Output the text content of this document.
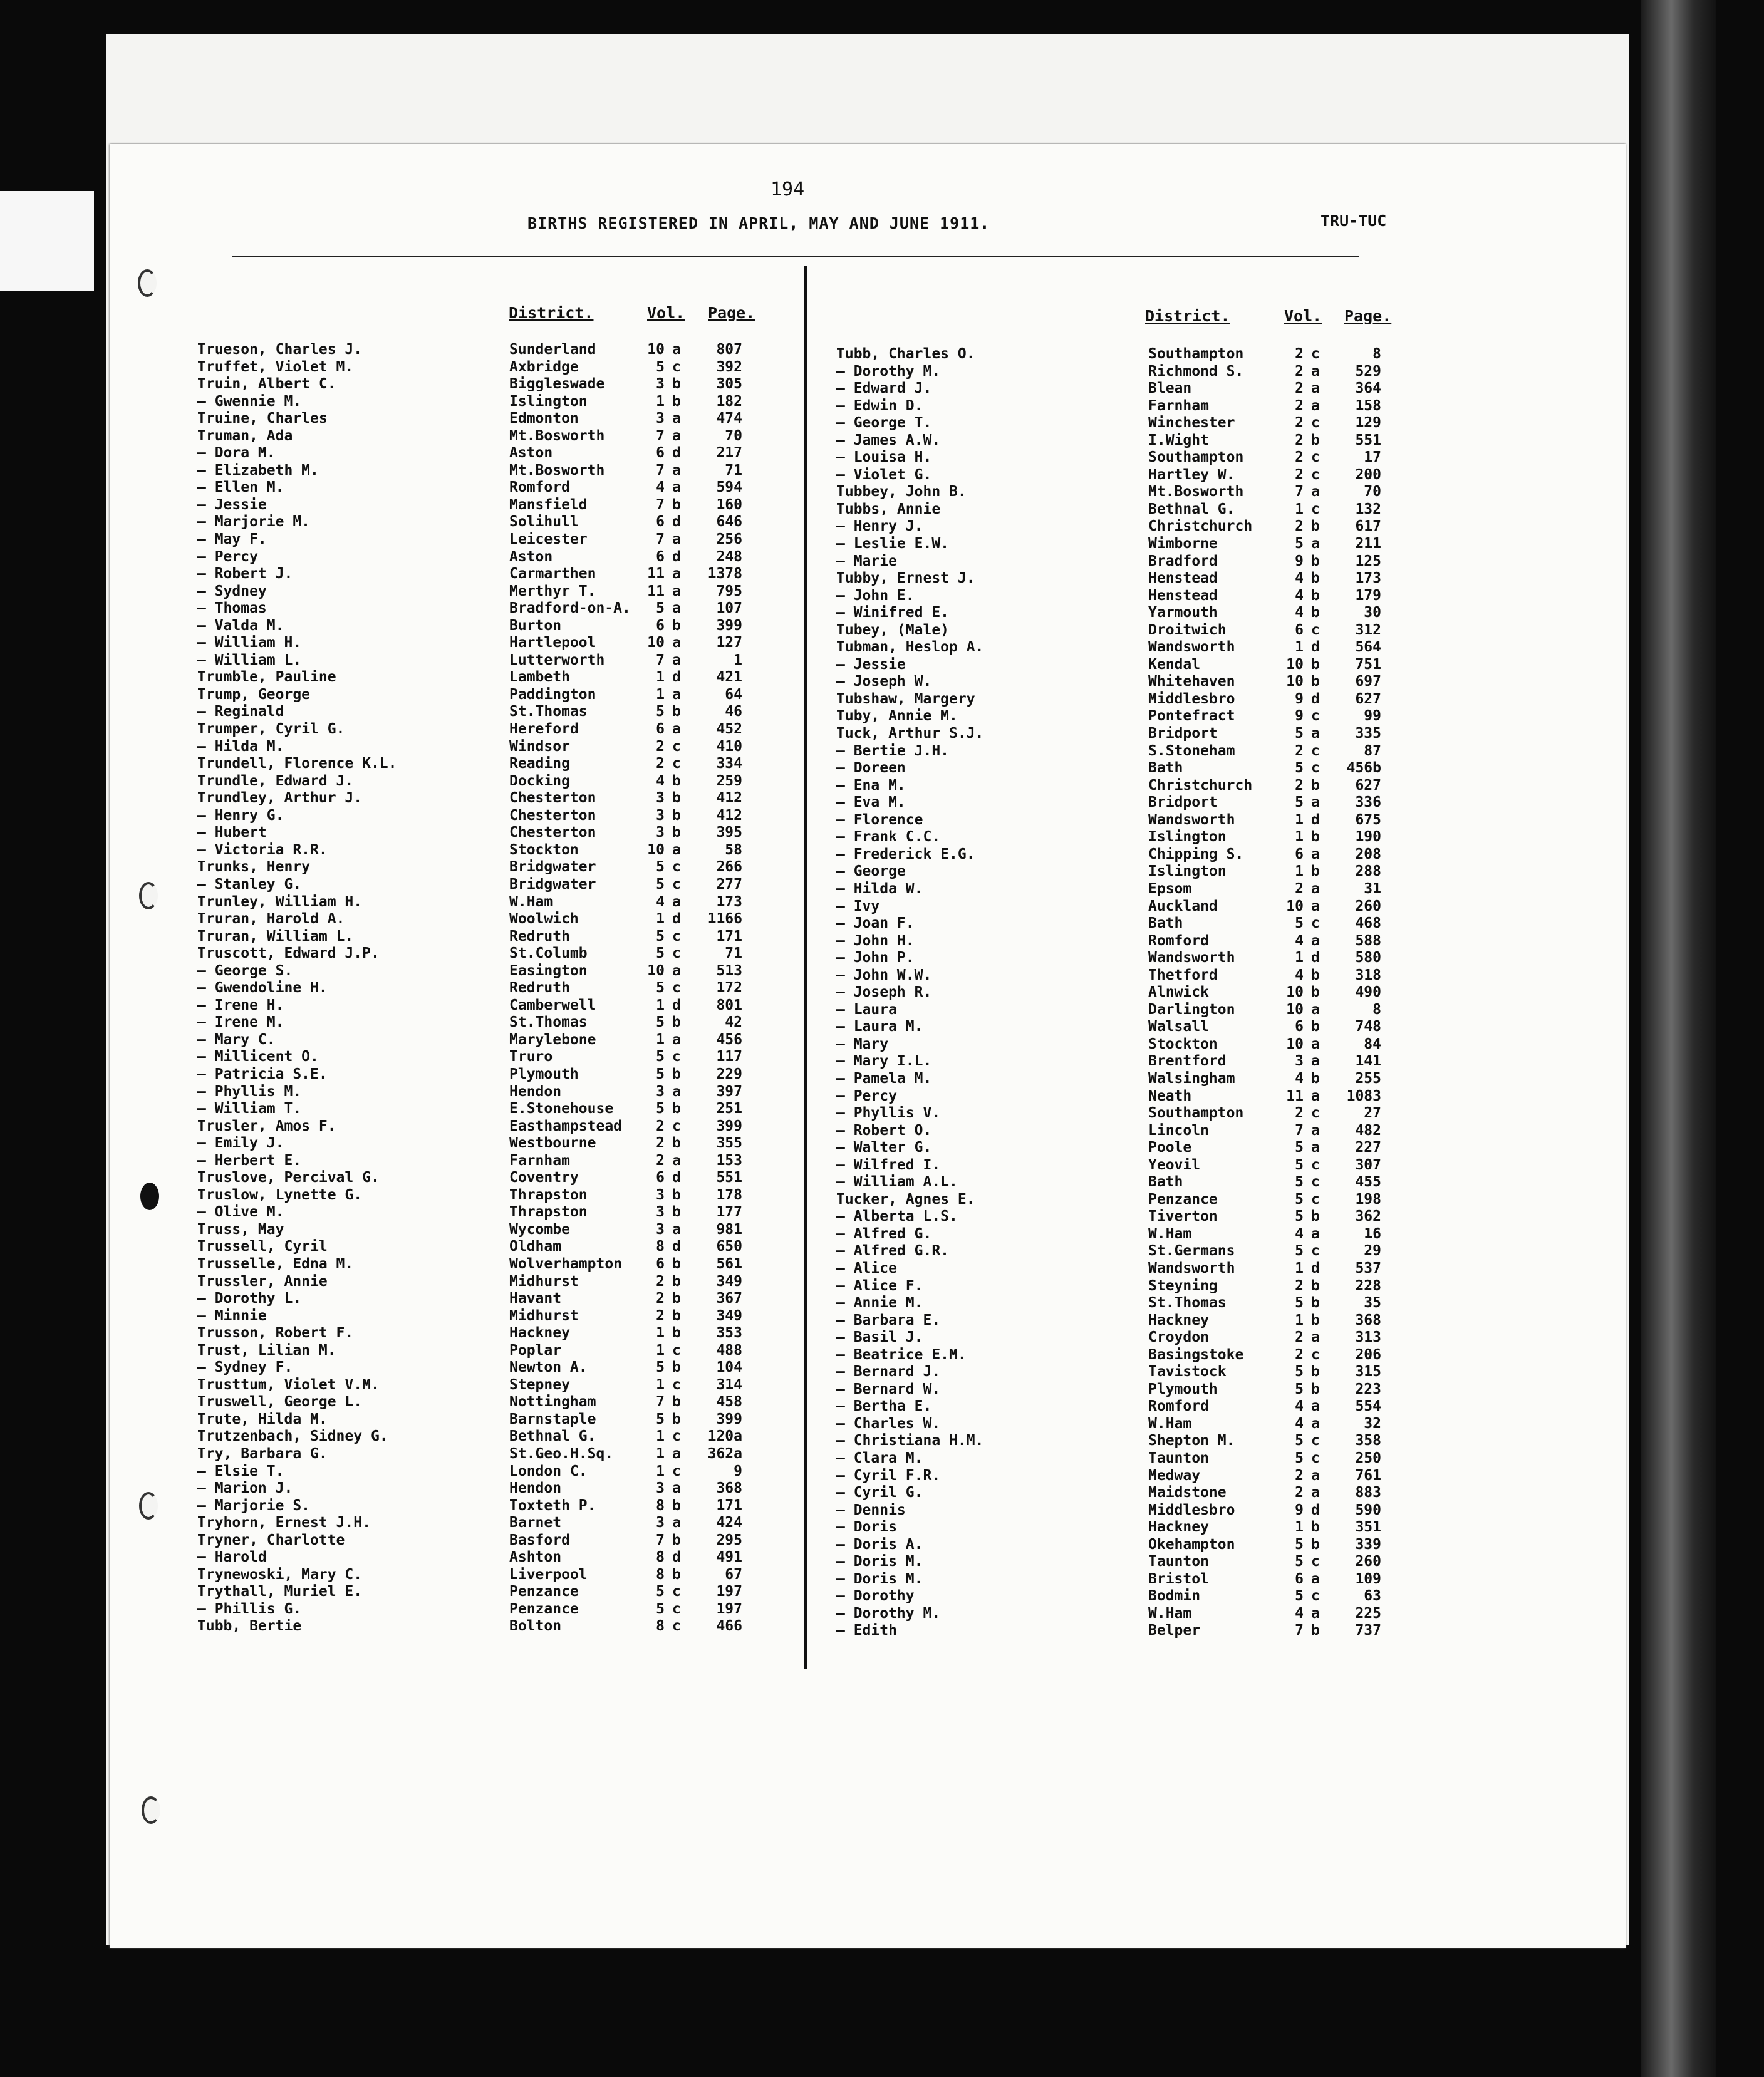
194
BIRTHS REGISTERED IN APRIL, MAY AND JUNE 1911.	TRU-TUC
District.	Vol. Page.	District.	Vol. Page.
Trueson, Charles J.	Sunderland	10 a	807
Truffet, Violet M.	Axbridge	5 c	392
Truin, Albert C.	Biggleswade	3 b	305
— Gwennie M.	Islington	1 b	182
Truine, Charles	Edmonton	3 a	474
Truman, Ada	Mt.Bosworth	7 a	70
— Dora M.	Aston	6 d	217
— Elizabeth M.	Mt.Bosworth	7 a	71
— Ellen M.	Romford	4 a	594
— Jessie	Mansfield	7 b	160
— Marjorie M.	Solihull	6 d	646
— May F.	Leicester	7 a	256
— Percy	Aston	6 d	248
— Robert J.	Carmarthen	11 a	1378
— Sydney	Merthyr T.	11 a	795
— Thomas	Bradford-on-A.	5 a	107
— Valda M.	Burton	6 b	399
— William H.	Hartlepool	10 a	127
— William L.	Lutterworth	7 a	1
Trumble, Pauline	Lambeth	1 d	421
Trump, George	Paddington	1 a	64
— Reginald	St.Thomas	5 b	46
Trumper, Cyril G.	Hereford	6 a	452
— Hilda M.	Windsor	2 c	410
Trundell, Florence K.L.	Reading	2 c	334
Trundle, Edward J.	Docking	4 b	259
Trundley, Arthur J.	Chesterton	3 b	412
— Henry G.	Chesterton	3 b	412
— Hubert	Chesterton	3 b	395
— Victoria R.R.	Stockton	10 a	58
Trunks, Henry	Bridgwater	5 c	266
— Stanley G.	Bridgwater	5 c	277
Trunley, William H.	W.Ham	4 a	173
Truran, Harold A.	Woolwich	1 d	1166
Truran, William L.	Redruth	5 c	171
Truscott, Edward J.P.	St.Columb	5 c	71
— George S.	Easington	10 a	513
— Gwendoline H.	Redruth	5 c	172
— Irene H.	Camberwell	1 d	801
— Irene M.	St.Thomas	5 b	42
— Mary C.	Marylebone	1 a	456
— Millicent O.	Truro	5 c	117
— Patricia S.E.	Plymouth	5 b	229
— Phyllis M.	Hendon	3 a	397
— William T.	E.Stonehouse	5 b	251
Trusler, Amos F.	Easthampstead	2 c	399
— Emily J.	Westbourne	2 b	355
— Herbert E.	Farnham	2 a	153
Truslove, Percival G.	Coventry	6 d	551
Truslow, Lynette G.	Thrapston	3 b	178
— Olive M.	Thrapston	3 b	177
Truss, May	Wycombe	3 a	981
Trussell, Cyril	Oldham	8 d	650
Trusselle, Edna M.	Wolverhampton	6 b	561
Trussler, Annie	Midhurst	2 b	349
— Dorothy L.	Havant	2 b	367
— Minnie	Midhurst	2 b	349
Trusson, Robert F.	Hackney	1 b	353
Trust, Lilian M.	Poplar	1 c	488
— Sydney F.	Newton A.	5 b	104
Trusttum, Violet V.M.	Stepney	1 c	314
Truswell, George L.	Nottingham	7 b	458
Trute, Hilda M.	Barnstaple	5 b	399
Trutzenbach, Sidney G.	Bethnal G.	1 c	120a
Try, Barbara G.	St.Geo.H.Sq.	1 a	362a
— Elsie T.	London C.	1 c	9
— Marion J.	Hendon	3 a	368
— Marjorie S.	Toxteth P.	8 b	171
Tryhorn, Ernest J.H.	Barnet	3 a	424
Tryner, Charlotte	Basford	7 b	295
— Harold	Ashton	8 d	491
Trynewoski, Mary C.	Liverpool	8 b	67
Trythall, Muriel E.	Penzance	5 c	197
— Phillis G.	Penzance	5 c	197
Tubb, Bertie	Bolton	8 c	466
Tubb, Charles O.	Southampton	2 c	8
— Dorothy M.	Richmond S.	2 a	529
— Edward J.	Blean	2 a	364
— Edwin D.	Farnham	2 a	158
— George T.	Winchester	2 c	129
— James A.W.	I.Wight	2 b	551
— Louisa H.	Southampton	2 c	17
— Violet G.	Hartley W.	2 c	200
Tubbey, John B.	Mt.Bosworth	7 a	70
Tubbs, Annie	Bethnal G.	1 c	132
— Henry J.	Christchurch	2 b	617
— Leslie E.W.	Wimborne	5 a	211
— Marie	Bradford	9 b	125
Tubby, Ernest J.	Henstead	4 b	173
— John E.	Henstead	4 b	179
— Winifred E.	Yarmouth	4 b	30
Tubey, (Male)	Droitwich	6 c	312
Tubman, Heslop A.	Wandsworth	1 d	564
— Jessie	Kendal	10 b	751
— Joseph W.	Whitehaven	10 b	697
Tubshaw, Margery	Middlesbro	9 d	627
Tuby, Annie M.	Pontefract	9 c	99
Tuck, Arthur S.J.	Bridport	5 a	335
— Bertie J.H.	S.Stoneham	2 c	87
— Doreen	Bath	5 c	456b
— Ena M.	Christchurch	2 b	627
— Eva M.	Bridport	5 a	336
— Florence	Wandsworth	1 d	675
— Frank C.C.	Islington	1 b	190
— Frederick E.G.	Chipping S.	6 a	208
— George	Islington	1 b	288
— Hilda W.	Epsom	2 a	31
— Ivy	Auckland	10 a	260
— Joan F.	Bath	5 c	468
— John H.	Romford	4 a	588
— John P.	Wandsworth	1 d	580
— John W.W.	Thetford	4 b	318
— Joseph R.	Alnwick	10 b	490
— Laura	Darlington	10 a	8
— Laura M.	Walsall	6 b	748
— Mary	Stockton	10 a	84
— Mary I.L.	Brentford	3 a	141
— Pamela M.	Walsingham	4 b	255
— Percy	Neath	11 a	1083
— Phyllis V.	Southampton	2 c	27
— Robert O.	Lincoln	7 a	482
— Walter G.	Poole	5 a	227
— Wilfred I.	Yeovil	5 c	307
— William A.L.	Bath	5 c	455
Tucker, Agnes E.	Penzance	5 c	198
— Alberta L.S.	Tiverton	5 b	362
— Alfred G.	W.Ham	4 a	16
— Alfred G.R.	St.Germans	5 c	29
— Alice	Wandsworth	1 d	537
— Alice F.	Steyning	2 b	228
— Annie M.	St.Thomas	5 b	35
— Barbara E.	Hackney	1 b	368
— Basil J.	Croydon	2 a	313
— Beatrice E.M.	Basingstoke	2 c	206
— Bernard J.	Tavistock	5 b	315
— Bernard W.	Plymouth	5 b	223
— Bertha E.	Romford	4 a	554
— Charles W.	W.Ham	4 a	32
— Christiana H.M.	Shepton M.	5 c	358
— Clara M.	Taunton	5 c	250
— Cyril F.R.	Medway	2 a	761
— Cyril G.	Maidstone	2 a	883
— Dennis	Middlesbro	9 d	590
— Doris	Hackney	1 b	351
— Doris A.	Okehampton	5 b	339
— Doris M.	Taunton	5 c	260
— Doris M.	Bristol	6 a	109
— Dorothy	Bodmin	5 c	63
— Dorothy M.	W.Ham	4 a	225
— Edith	Belper	7 b	737
